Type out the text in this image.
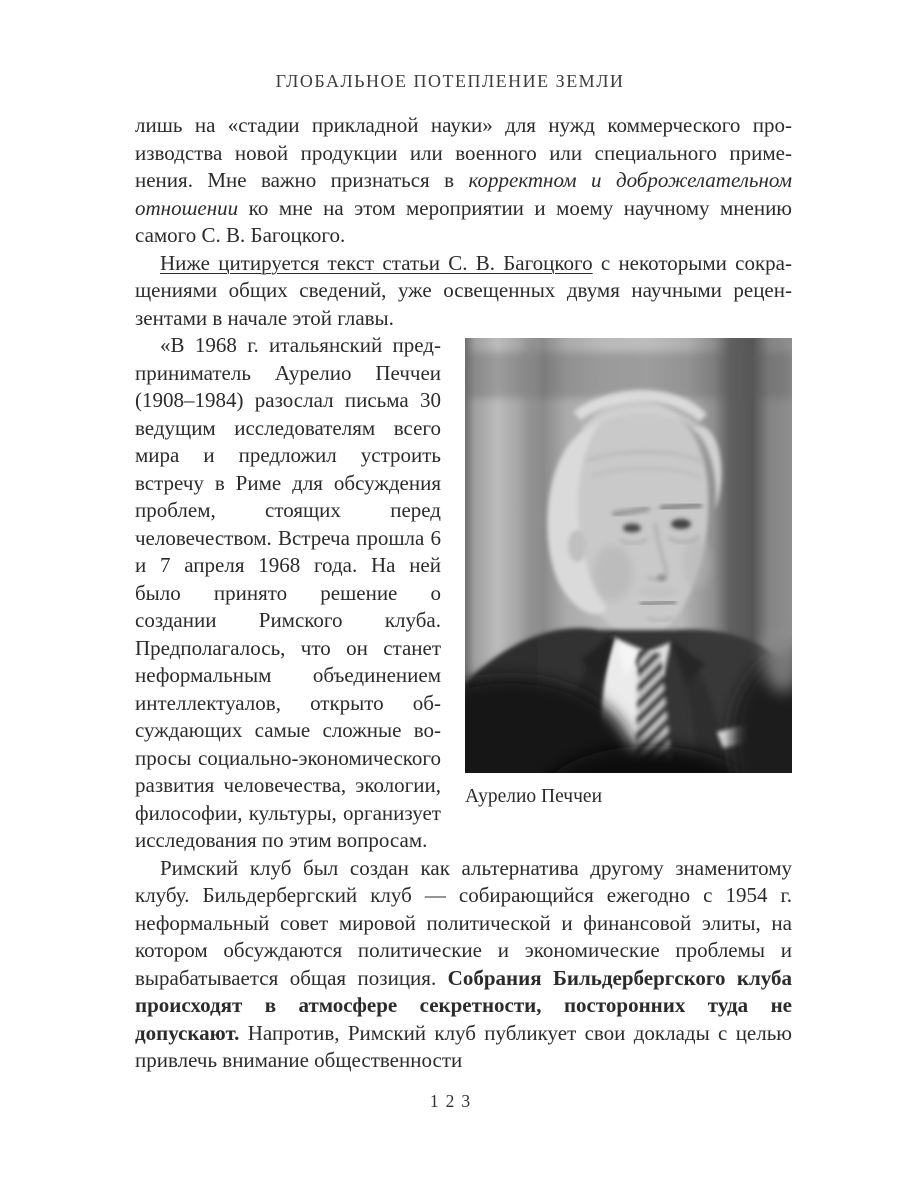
ГЛОБАЛЬНОЕ ПОТЕПЛЕНИЕ ЗЕМЛИ

лишь на «стадии прикладной науки» для нужд коммерческого производства новой продукции или военного или специального применения. Мне важно признаться в корректном и доброжелательном отношении ко мне на этом мероприятии и моему научному мнению самого С. В. Багоцкого.

Ниже цитируется текст статьи С. В. Багоцкого с некоторыми сокращениями общих сведений, уже освещенных двумя научными рецензентами в начале этой главы.

Аурелио Печчеи

«В 1968 г. итальянский предприниматель Аурелио Печчеи (1908–1984) разослал письма 30 ведущим исследователям всего мира и предложил устроить встречу в Риме для обсуждения проблем, стоящих перед человечеством. Встреча прошла 6 и 7 апреля 1968 года. На ней было принято решение о создании Римского клуба. Предполагалось, что он станет неформальным объединением интеллектуалов, открыто обсуждающих самые сложные вопросы социально-экономического развития человечества, экологии, философии, культуры, организует исследования по этим вопросам.

Римский клуб был создан как альтернатива другому знаменитому клубу. Бильдербергский клуб — собирающийся ежегодно с 1954 г. неформальный совет мировой политической и финансовой элиты, на котором обсуждаются политические и экономические проблемы и вырабатывается общая позиция. Собрания Бильдербергского клуба происходят в атмосфере секретности, посторонних туда не допускают. Напротив, Римский клуб публикует свои доклады с целью привлечь внимание общественности

123
